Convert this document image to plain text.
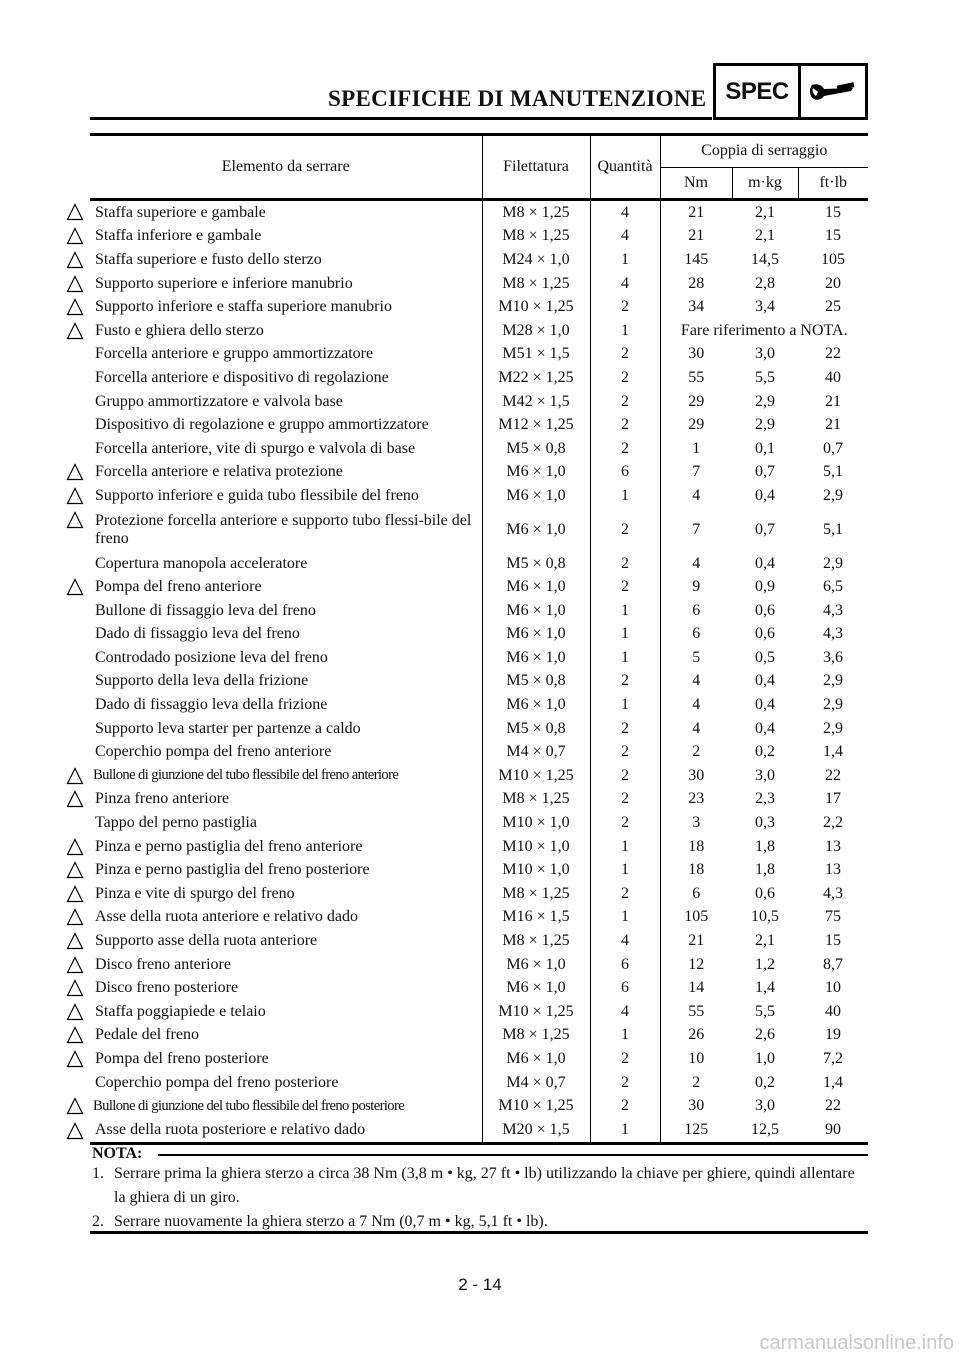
SPECIFICHE DI MANUTENZIONE SPEC
Elemento da serrare	Filettatura	Quantità	Coppia di serraggio		
			Nm	m·kg	ft·lb
Staffa superiore e gambale	M8 × 1,25	4	21	2,1	15
Staffa inferiore e gambale	M8 × 1,25	4	21	2,1	15
Staffa superiore e fusto dello sterzo	M24 × 1,0	1	145	14,5	105
Supporto superiore e inferiore manubrio	M8 × 1,25	4	28	2,8	20
Supporto inferiore e staffa superiore manubrio	M10 × 1,25	2	34	3,4	25
Fusto e ghiera dello sterzo	M28 × 1,0	1	Fare riferimento a NOTA.		
Forcella anteriore e gruppo ammortizzatore	M51 × 1,5	2	30	3,0	22
Forcella anteriore e dispositivo di regolazione	M22 × 1,25	2	55	5,5	40
Gruppo ammortizzatore e valvola base	M42 × 1,5	2	29	2,9	21
Dispositivo di regolazione e gruppo ammortizzatore	M12 × 1,25	2	29	2,9	21
Forcella anteriore, vite di spurgo e valvola di base	M5 × 0,8	2	1	0,1	0,7
Forcella anteriore e relativa protezione	M6 × 1,0	6	7	0,7	5,1
Supporto inferiore e guida tubo flessibile del freno	M6 × 1,0	1	4	0,4	2,9
Protezione forcella anteriore e supporto tubo flessi-bile del freno	M6 × 1,0	2	7	0,7	5,1
Copertura manopola acceleratore	M5 × 0,8	2	4	0,4	2,9
Pompa del freno anteriore	M6 × 1,0	2	9	0,9	6,5
Bullone di fissaggio leva del freno	M6 × 1,0	1	6	0,6	4,3
Dado di fissaggio leva del freno	M6 × 1,0	1	6	0,6	4,3
Controdado posizione leva del freno	M6 × 1,0	1	5	0,5	3,6
Supporto della leva della frizione	M5 × 0,8	2	4	0,4	2,9
Dado di fissaggio leva della frizione	M6 × 1,0	1	4	0,4	2,9
Supporto leva starter per partenze a caldo	M5 × 0,8	2	4	0,4	2,9
Coperchio pompa del freno anteriore	M4 × 0,7	2	2	0,2	1,4
Bullone di giunzione del tubo flessibile del freno anteriore	M10 × 1,25	2	30	3,0	22
Pinza freno anteriore	M8 × 1,25	2	23	2,3	17
Tappo del perno pastiglia	M10 × 1,0	2	3	0,3	2,2
Pinza e perno pastiglia del freno anteriore	M10 × 1,0	1	18	1,8	13
Pinza e perno pastiglia del freno posteriore	M10 × 1,0	1	18	1,8	13
Pinza e vite di spurgo del freno	M8 × 1,25	2	6	0,6	4,3
Asse della ruota anteriore e relativo dado	M16 × 1,5	1	105	10,5	75
Supporto asse della ruota anteriore	M8 × 1,25	4	21	2,1	15
Disco freno anteriore	M6 × 1,0	6	12	1,2	8,7
Disco freno posteriore	M6 × 1,0	6	14	1,4	10
Staffa poggiapiede e telaio	M10 × 1,25	4	55	5,5	40
Pedale del freno	M8 × 1,25	1	26	2,6	19
Pompa del freno posteriore	M6 × 1,0	2	10	1,0	7,2
Coperchio pompa del freno posteriore	M4 × 0,7	2	2	0,2	1,4
Bullone di giunzione del tubo flessibile del freno posteriore	M10 × 1,25	2	30	3,0	22
Asse della ruota posteriore e relativo dado	M20 × 1,5	1	125	12,5	90
NOTA:
1. Serrare prima la ghiera sterzo a circa 38 Nm (3,8 m • kg, 27 ft • lb) utilizzando la chiave per ghiere, quindi allentare la ghiera di un giro.
2. Serrare nuovamente la ghiera sterzo a 7 Nm (0,7 m • kg, 5,1 ft • lb).
2 - 14
carmanualsonline.info
